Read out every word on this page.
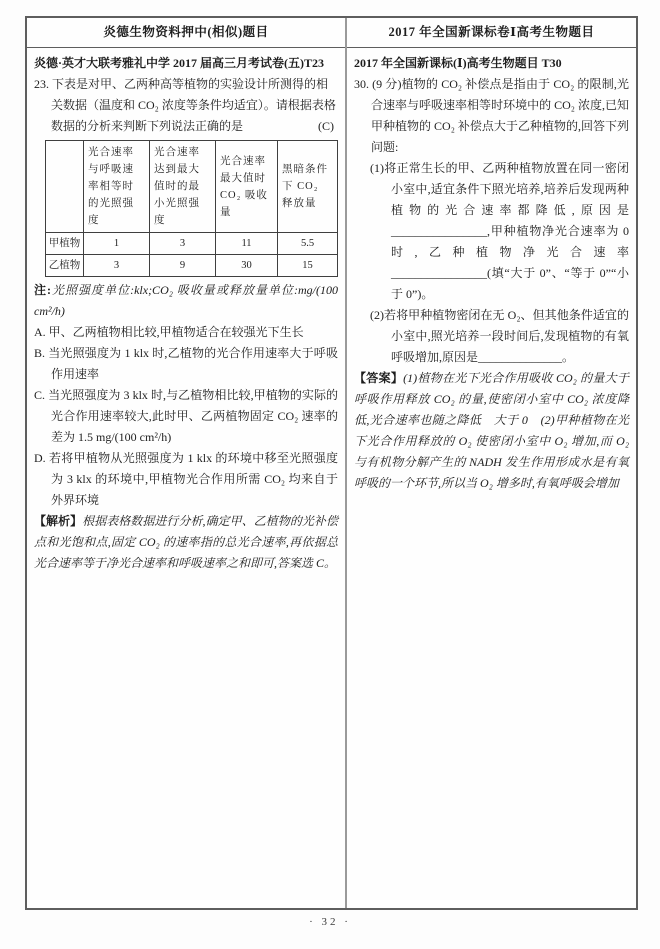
炎德生物资料押中(相似)题目

炎德·英才大联考雅礼中学 2017 届高三月考试卷(五)T23

23. 下表是对甲、乙两种高等植物的实验设计所测得的相关数据（温度和 CO₂ 浓度等条件均适宜）。请根据表格数据的分析来判断下列说法正确的是	(C)

	光合速率与呼吸速率相等时的光照强度	光合速率达到最大值时的最小光照强度	光合速率最大值时 CO₂ 吸收量	黑暗条件下 CO₂ 释放量
甲植物	1	3	11	5.5
乙植物	3	9	30	15

注:光照强度单位:klx;CO₂ 吸收量或释放量单位:mg/(100 cm²/h)

A. 甲、乙两植物相比较,甲植物适合在较强光下生长

B. 当光照强度为 1 klx 时,乙植物的光合作用速率大于呼吸作用速率

C. 当光照强度为 3 klx 时,与乙植物相比较,甲植物的实际的光合作用速率较大,此时甲、乙两植物固定 CO₂ 速率的差为 1.5 mg/(100 cm²/h)

D. 若将甲植物从光照强度为 1 klx 的环境中移至光照强度为 3 klx 的环境中,甲植物光合作用所需 CO₂ 均来自于外界环境

【解析】根据表格数据进行分析,确定甲、乙植物的光补偿点和光饱和点,固定 CO₂ 的速率指的总光合速率,再依据总光合速率等于净光合速率和呼吸速率之和即可,答案选 C。

2017 年全国新课标卷Ⅰ高考生物题目

2017 年全国新课标(Ⅰ)高考生物题目 T30

30. (9 分)植物的 CO₂ 补偿点是指由于 CO₂ 的限制,光合速率与呼吸速率相等时环境中的 CO₂ 浓度,已知甲种植物的 CO₂ 补偿点大于乙种植物的,回答下列问题:

(1)将正常生长的甲、乙两种植物放置在同一密闭小室中,适宜条件下照光培养,培养后发现两种植物的光合速率都降低,原因是________________,甲种植物净光合速率为 0 时,乙种植物净光合速率________________(填“大于 0”、“等于 0”“小于 0”)。

(2)若将甲种植物密闭在无 O₂、但其他条件适宜的小室中,照光培养一段时间后,发现植物的有氧呼吸增加,原因是______________。

【答案】(1)植物在光下光合作用吸收 CO₂ 的量大于呼吸作用释放 CO₂ 的量,使密闭小室中 CO₂ 浓度降低,光合速率也随之降低　大于 0　(2)甲种植物在光下光合作用释放的 O₂ 使密闭小室中 O₂ 增加,而 O₂ 与有机物分解产生的 NADH 发生作用形成水是有氧呼吸的一个环节,所以当 O₂ 增多时,有氧呼吸会增加

· 32 ·
